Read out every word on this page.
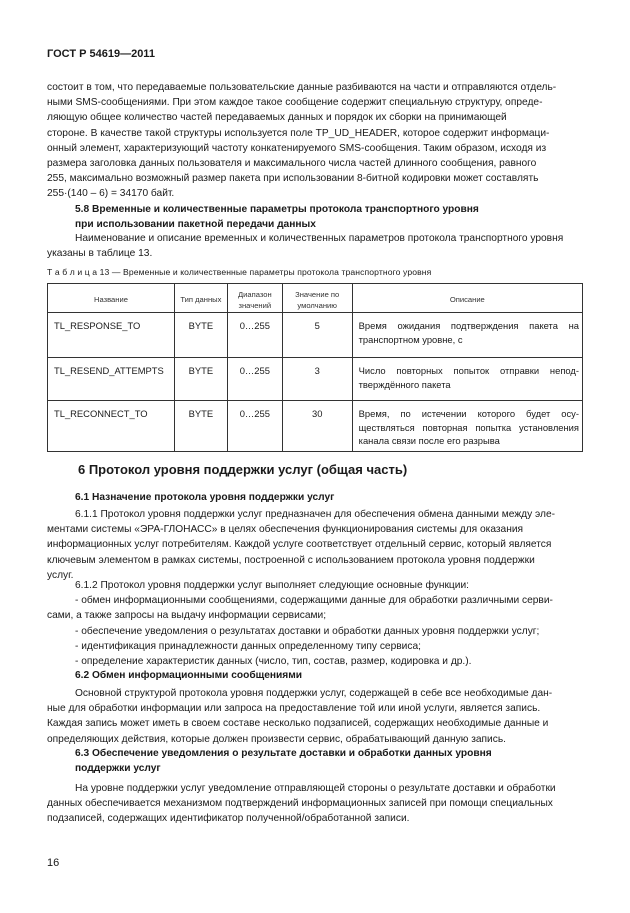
ГОСТ Р 54619—2011
состоит в том, что передаваемые пользовательские данные разбиваются на части и отправляются отдель-
ными SMS-сообщениями. При этом каждое такое сообщение содержит специальную структуру, опреде-
ляющую общее количество частей передаваемых данных и порядок их сборки на принимающей
стороне. В качестве такой структуры используется поле TP_UD_HEADER, которое содержит информаци-
онный элемент, характеризующий частоту конкатенируемого SMS-сообщения. Таким образом, исходя из
размера заголовка данных пользователя и максимального числа частей длинного сообщения, равного
255, максимально возможный размер пакета при использовании 8-битной кодировки может составлять
255·(140 – 6) = 34170 байт.
5.8 Временные и количественные параметры протокола транспортного уровня
при использовании пакетной передачи данных
Наименование и описание временных и количественных параметров протокола транспортного уровня
указаны в таблице 13.
Т а б л и ц а 13 — Временные и количественные параметры протокола транспортного уровня
Название	Тип данных	Диапазон значений	Значение по умолчанию	Описание
TL_RESPONSE_TO	BYTE	0…255	5	Время ожидания подтверждения пакета на транспортном уровне, с
TL_RESEND_ATTEMPTS	BYTE	0…255	3	Число повторных попыток отправки непод-тверждённого пакета
TL_RECONNECT_TO	BYTE	0…255	30	Время, по истечении которого будет осу-ществляться повторная попытка установления канала связи после его разрыва
6 Протокол уровня поддержки услуг (общая часть)
6.1 Назначение протокола уровня поддержки услуг
6.1.1 Протокол уровня поддержки услуг предназначен для обеспечения обмена данными между эле-
ментами системы «ЭРА-ГЛОНАСС» в целях обеспечения функционирования системы для оказания
информационных услуг потребителям. Каждой услуге соответствует отдельный сервис, который является
ключевым элементом в рамках системы, построенной с использованием протокола уровня поддержки
услуг.
6.1.2 Протокол уровня поддержки услуг выполняет следующие основные функции:
- обмен информационными сообщениями, содержащими данные для обработки различными серви-
сами, а также запросы на выдачу информации сервисами;
- обеспечение уведомления о результатах доставки и обработки данных уровня поддержки услуг;
- идентификация принадлежности данных определенному типу сервиса;
- определение характеристик данных (число, тип, состав, размер, кодировка и др.).
6.2 Обмен информационными сообщениями
Основной структурой протокола уровня поддержки услуг, содержащей в себе все необходимые дан-
ные для обработки информации или запроса на предоставление той или иной услуги, является запись.
Каждая запись может иметь в своем составе несколько подзаписей, содержащих необходимые данные и
определяющих действия, которые должен произвести сервис, обрабатывающий данную запись.
6.3 Обеспечение уведомления о результате доставки и обработки данных уровня
поддержки услуг
На уровне поддержки услуг уведомление отправляющей стороны о результате доставки и обработки
данных обеспечивается механизмом подтверждений информационных записей при помощи специальных
подзаписей, содержащих идентификатор полученной/обработанной записи.
16
